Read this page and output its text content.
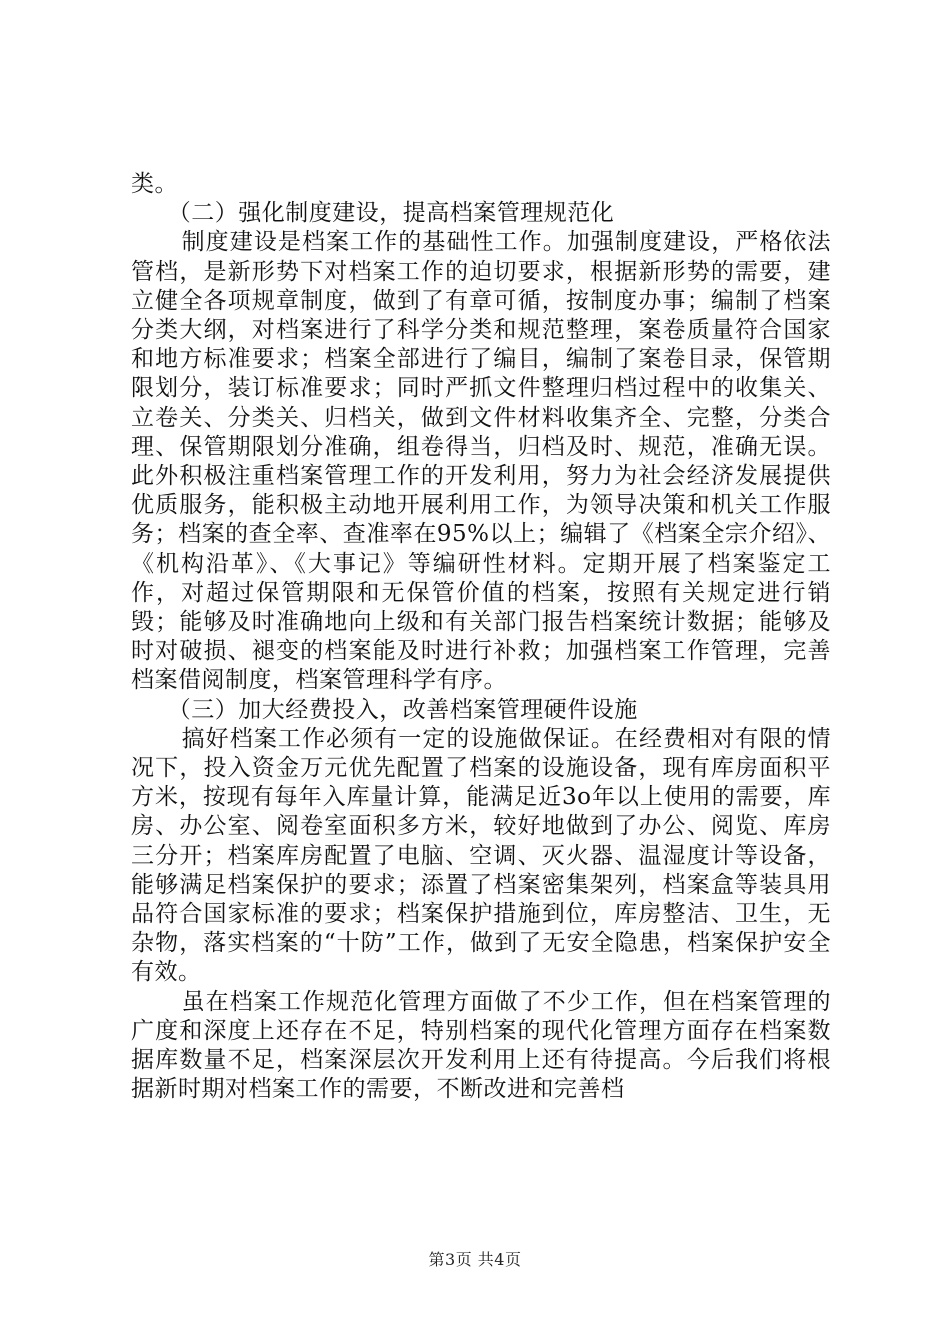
类。

（二）强化制度建设，提高档案管理规范化

制度建设是档案工作的基础性工作。加强制度建设，严格依法管档，是新形势下对档案工作的迫切要求，根据新形势的需要，建立健全各项规章制度，做到了有章可循，按制度办事；编制了档案分类大纲，对档案进行了科学分类和规范整理，案卷质量符合国家和地方标准要求；档案全部进行了编目，编制了案卷目录，保管期限划分，装订标准要求；同时严抓文件整理归档过程中的收集关、立卷关、分类关、归档关，做到文件材料收集齐全、完整，分类合理、保管期限划分准确，组卷得当，归档及时、规范，准确无误。此外积极注重档案管理工作的开发利用，努力为社会经济发展提供优质服务，能积极主动地开展利用工作，为领导决策和机关工作服务；档案的查全率、查准率在95%以上；编辑了《档案全宗介绍》、《机构沿革》、《大事记》等编研性材料。定期开展了档案鉴定工作，对超过保管期限和无保管价值的档案，按照有关规定进行销毁；能够及时准确地向上级和有关部门报告档案统计数据；能够及时对破损、褪变的档案能及时进行补救；加强档案工作管理，完善档案借阅制度，档案管理科学有序。

（三）加大经费投入，改善档案管理硬件设施

搞好档案工作必须有一定的设施做保证。在经费相对有限的情况下，投入资金万元优先配置了档案的设施设备，现有库房面积平方米，按现有每年入库量计算，能满足近3o年以上使用的需要，库房、办公室、阅卷室面积多方米，较好地做到了办公、阅览、库房三分开；档案库房配置了电脑、空调、灭火器、温湿度计等设备，能够满足档案保护的要求；添置了档案密集架列，档案盒等装具用品符合国家标准的要求；档案保护措施到位，库房整洁、卫生，无杂物，落实档案的“十防”工作，做到了无安全隐患，档案保护安全有效。

虽在档案工作规范化管理方面做了不少工作，但在档案管理的广度和深度上还存在不足，特别档案的现代化管理方面存在档案数据库数量不足，档案深层次开发利用上还有待提高。今后我们将根据新时期对档案工作的需要，不断改进和完善档

第3页 共4页
